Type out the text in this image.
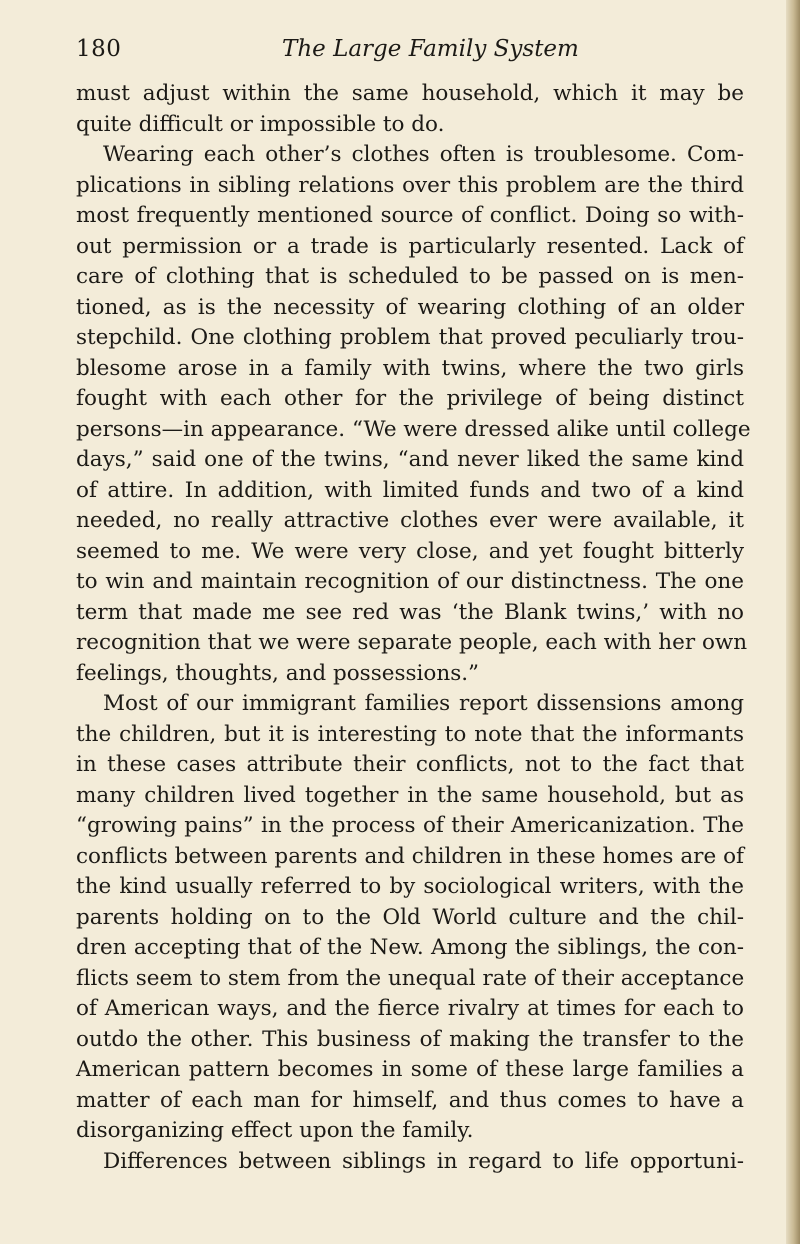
180	The Large Family System
must adjust within the same household, which it may be
quite difficult or impossible to do.
Wearing each other’s clothes often is troublesome. Com-
plications in sibling relations over this problem are the third
most frequently mentioned source of conflict. Doing so with-
out permission or a trade is particularly resented. Lack of
care of clothing that is scheduled to be passed on is men-
tioned, as is the necessity of wearing clothing of an older
stepchild. One clothing problem that proved peculiarly trou-
blesome arose in a family with twins, where the two girls
fought with each other for the privilege of being distinct
persons—in appearance. “We were dressed alike until college
days,” said one of the twins, “and never liked the same kind
of attire. In addition, with limited funds and two of a kind
needed, no really attractive clothes ever were available, it
seemed to me. We were very close, and yet fought bitterly
to win and maintain recognition of our distinctness. The one
term that made me see red was ‘the Blank twins,’ with no
recognition that we were separate people, each with her own
feelings, thoughts, and possessions.”
Most of our immigrant families report dissensions among
the children, but it is interesting to note that the informants
in these cases attribute their conflicts, not to the fact that
many children lived together in the same household, but as
“growing pains” in the process of their Americanization. The
conflicts between parents and children in these homes are of
the kind usually referred to by sociological writers, with the
parents holding on to the Old World culture and the chil-
dren accepting that of the New. Among the siblings, the con-
flicts seem to stem from the unequal rate of their acceptance
of American ways, and the fierce rivalry at times for each to
outdo the other. This business of making the transfer to the
American pattern becomes in some of these large families a
matter of each man for himself, and thus comes to have a
disorganizing effect upon the family.
Differences between siblings in regard to life opportuni-
